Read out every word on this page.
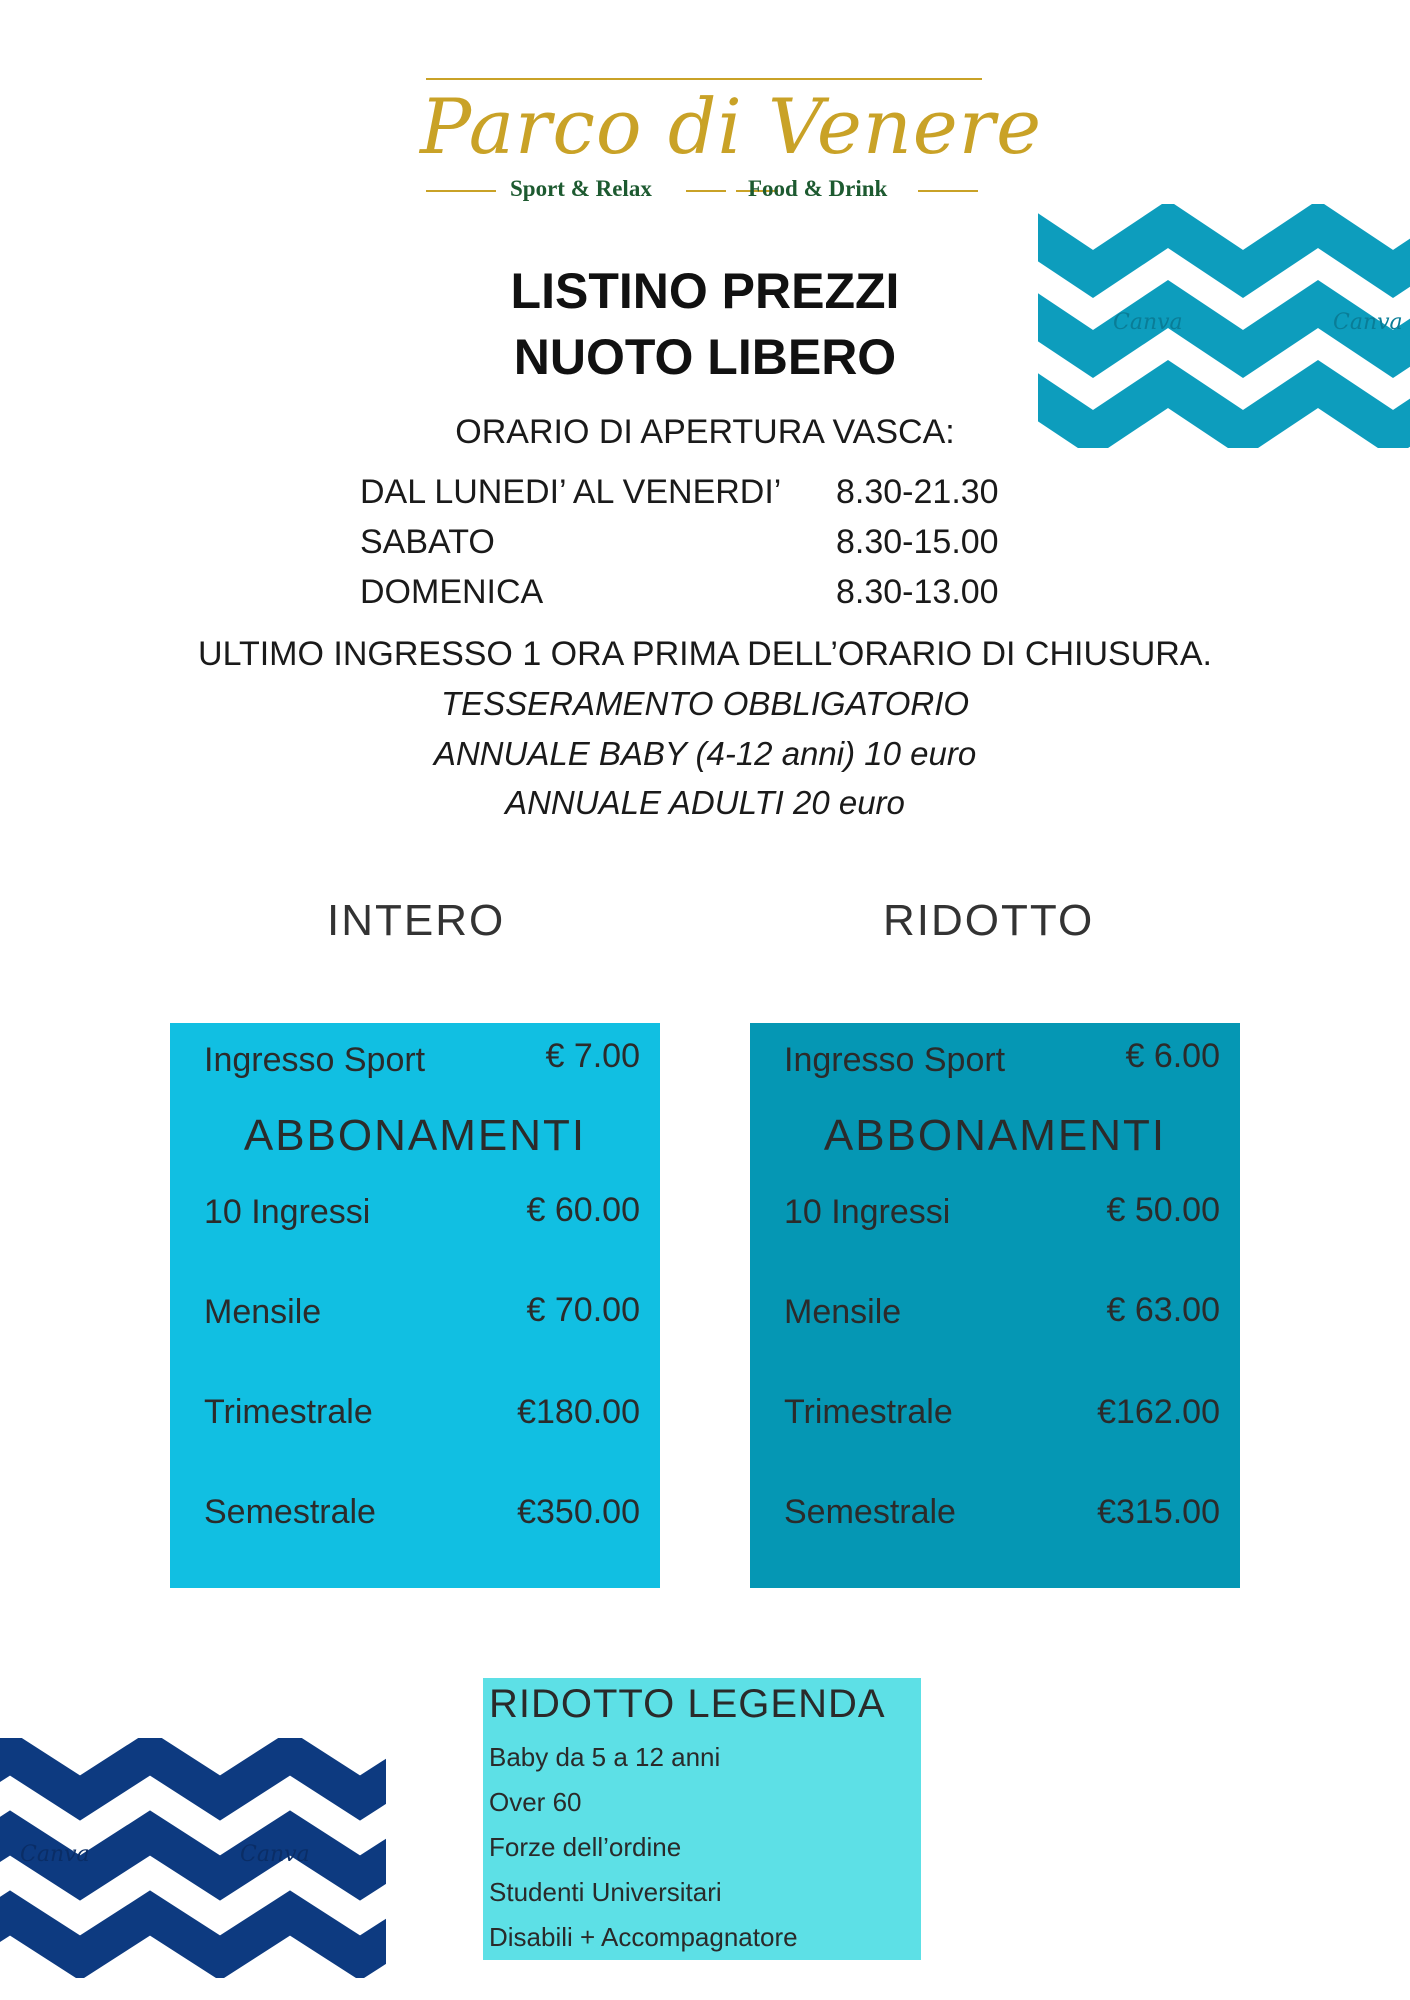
Parco di Venere
Sport & Relax	Food & Drink
Canva	Canva
LISTINO PREZZI
NUOTO LIBERO
ORARIO DI APERTURA VASCA:
DAL LUNEDI’ AL VENERDI’ 8.30-21.30
SABATO	8.30-15.00
DOMENICA	8.30-13.00
ULTIMO INGRESSO 1 ORA PRIMA DELL’ORARIO DI CHIUSURA.
TESSERAMENTO OBBLIGATORIO
ANNUALE BABY (4-12 anni) 10 euro
ANNUALE ADULTI 20 euro
INTERO	RIDOTTO
Ingresso Sport	€ 7.00
ABBONAMENTI
10 Ingressi	€ 60.00
Mensile	€ 70.00
Trimestrale	€180.00
Semestrale	€350.00
Ingresso Sport	€ 6.00
ABBONAMENTI
10 Ingressi	€ 50.00
Mensile	€ 63.00
Trimestrale	€162.00
Semestrale	€315.00
Canva	Canva
RIDOTTO LEGENDA
Baby da 5 a 12 anni
Over 60
Forze dell’ordine
Studenti Universitari
Disabili + Accompagnatore
